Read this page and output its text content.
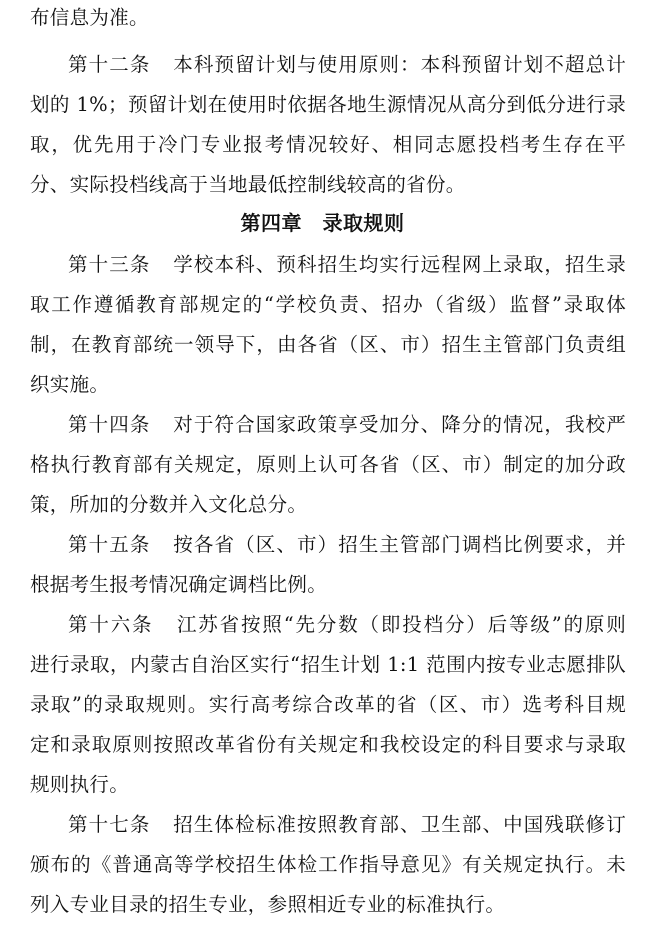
布信息为准。
第十二条 本科预留计划与使用原则：本科预留计划不超总计
划的 1%；预留计划在使用时依据各地生源情况从高分到低分进行录
取，优先用于冷门专业报考情况较好、相同志愿投档考生存在平
分、实际投档线高于当地最低控制线较高的省份。
第四章　录取规则
第十三条 学校本科、预科招生均实行远程网上录取，招生录
取工作遵循教育部规定的“学校负责、招办（省级）监督”录取体
制，在教育部统一领导下，由各省（区、市）招生主管部门负责组
织实施。
第十四条 对于符合国家政策享受加分、降分的情况，我校严
格执行教育部有关规定，原则上认可各省（区、市）制定的加分政
策，所加的分数并入文化总分。
第十五条 按各省（区、市）招生主管部门调档比例要求，并
根据考生报考情况确定调档比例。
第十六条 江苏省按照“先分数（即投档分）后等级”的原则
进行录取，内蒙古自治区实行“招生计划 1:1 范围内按专业志愿排队
录取”的录取规则。实行高考综合改革的省（区、市）选考科目规
定和录取原则按照改革省份有关规定和我校设定的科目要求与录取
规则执行。
第十七条 招生体检标准按照教育部、卫生部、中国残联修订
颁布的《普通高等学校招生体检工作指导意见》有关规定执行。未
列入专业目录的招生专业，参照相近专业的标准执行。
